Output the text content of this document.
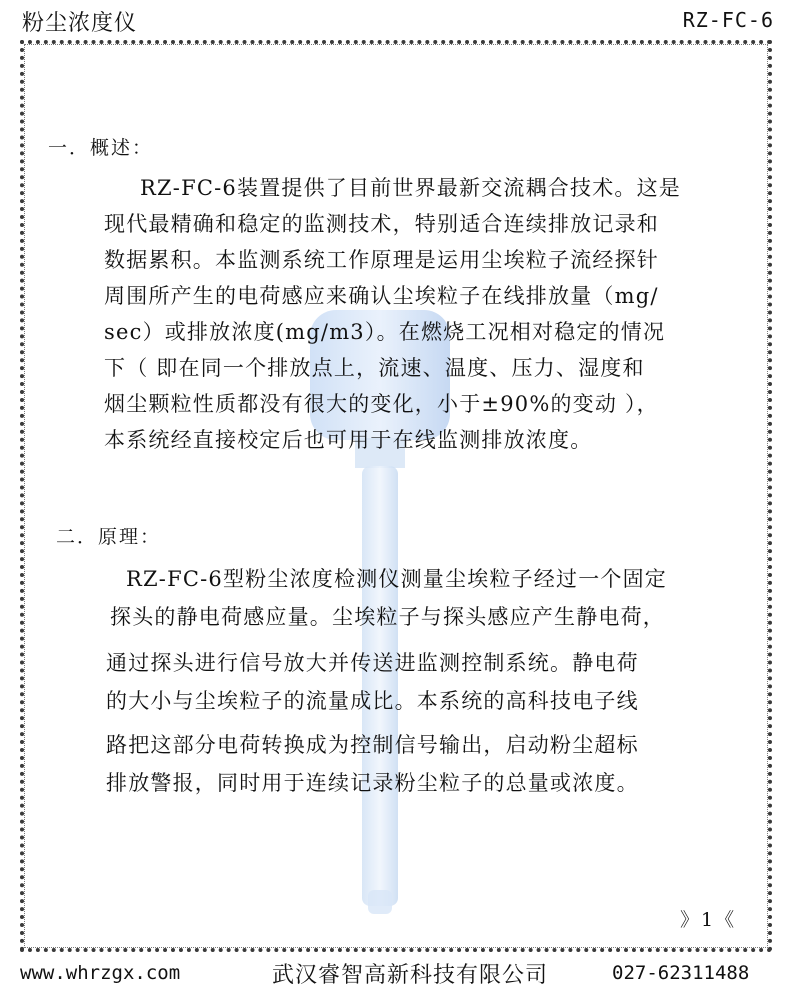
粉尘浓度仪	RZ-FC-6
一．概述：
RZ-FC-6装置提供了目前世界最新交流耦合技术。这是
现代最精确和稳定的监测技术，特别适合连续排放记录和
数据累积。本监测系统工作原理是运用尘埃粒子流经探针
周围所产生的电荷感应来确认尘埃粒子在线排放量（mg/
sec）或排放浓度(mg/m3）。在燃烧工况相对稳定的情况
下（ 即在同一个排放点上，流速、温度、压力、湿度和
烟尘颗粒性质都没有很大的变化，小于±90%的变动 ），
本系统经直接校定后也可用于在线监测排放浓度。
二．原理：
RZ-FC-6型粉尘浓度检测仪测量尘埃粒子经过一个固定
探头的静电荷感应量。尘埃粒子与探头感应产生静电荷，
通过探头进行信号放大并传送进监测控制系统。静电荷
的大小与尘埃粒子的流量成比。本系统的高科技电子线
路把这部分电荷转换成为控制信号输出，启动粉尘超标
排放警报，同时用于连续记录粉尘粒子的总量或浓度。
》1《
www.whrzgx.com	武汉睿智高新科技有限公司	027-62311488
